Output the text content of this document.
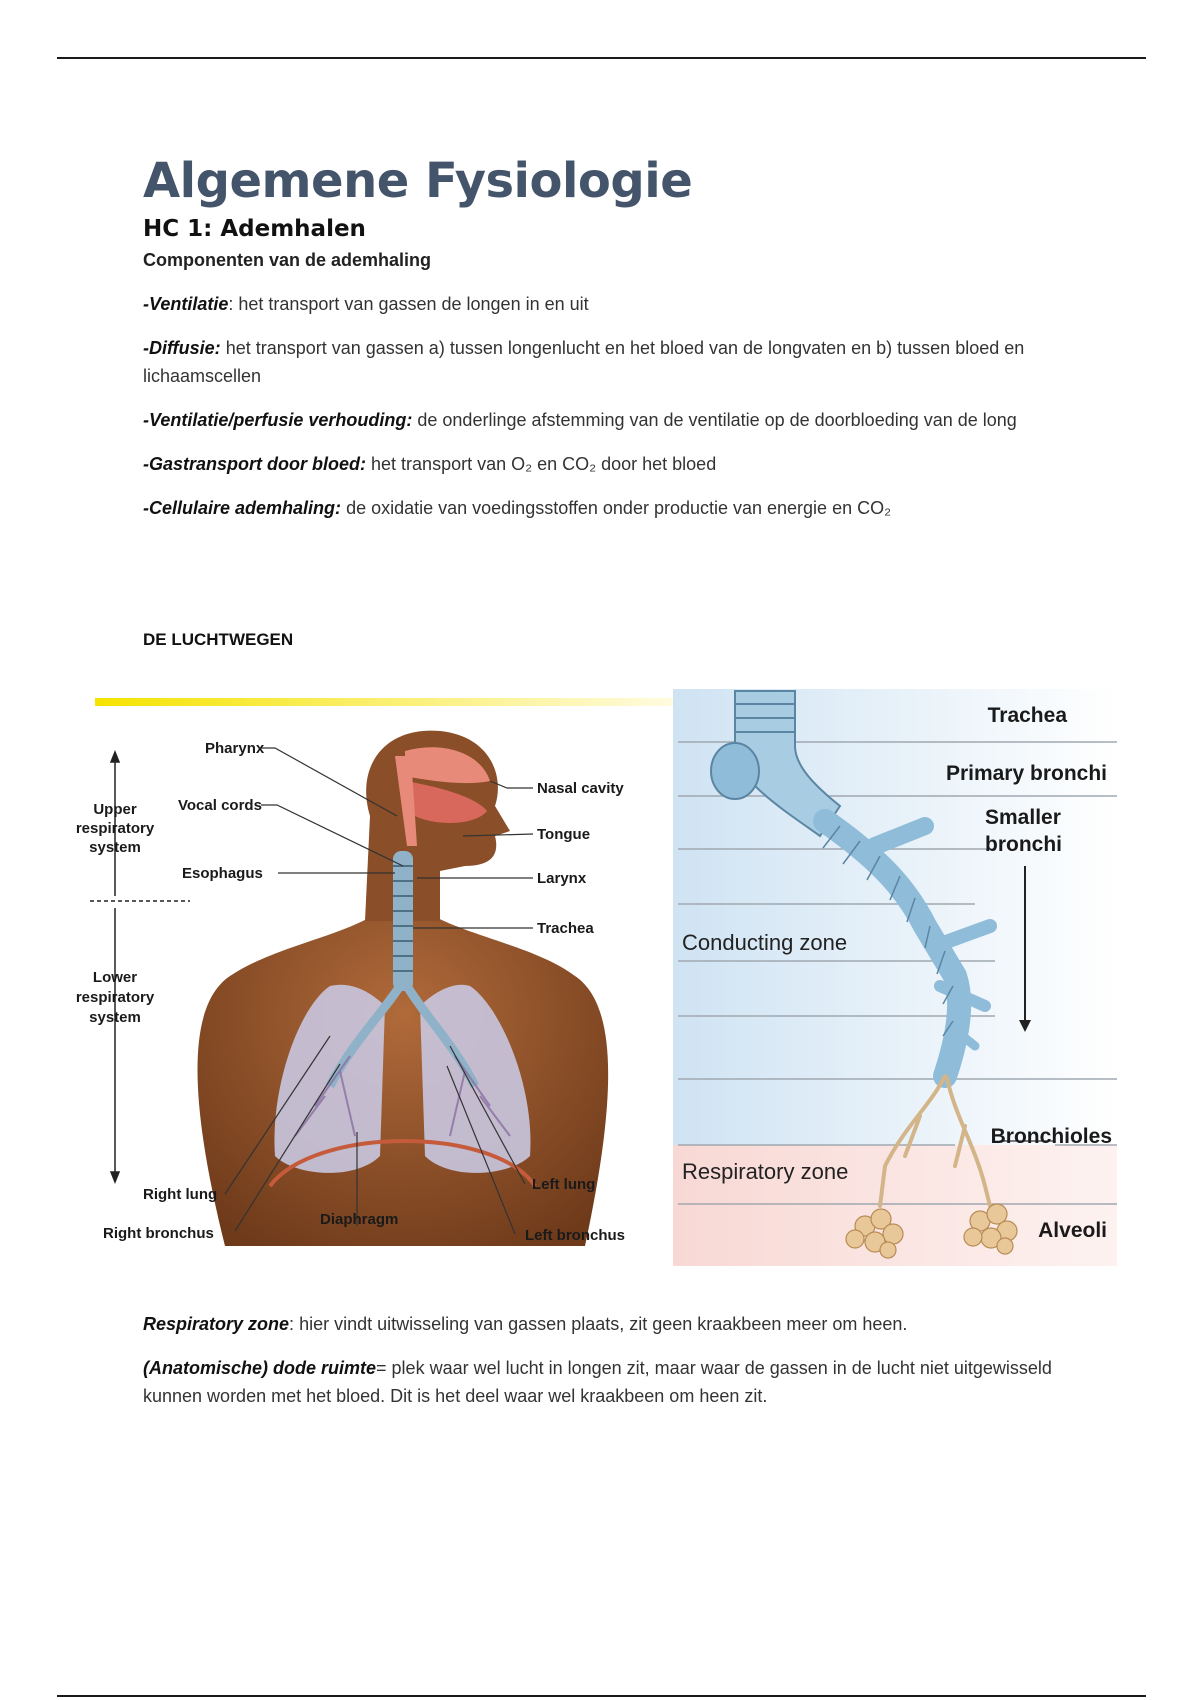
Algemene Fysiologie
HC 1: Ademhalen
Componenten van de ademhaling

-Ventilatie: het transport van gassen de longen in en uit

-Diffusie: het transport van gassen a) tussen longenlucht en het bloed van de longvaten en b) tussen bloed en lichaamscellen

-Ventilatie/perfusie verhouding: de onderlinge afstemming van de ventilatie op de doorbloeding van de long

-Gastransport door bloed: het transport van O₂ en CO₂ door het bloed

-Cellulaire ademhaling: de oxidatie van voedingsstoffen onder productie van energie en CO₂

DE LUCHTWEGEN
Pharynx
Vocal cords
Esophagus
Nasal cavity
Tongue
Larynx
Trachea
Upper
respiratory
system
Lower
respiratory
system
Right lung
Right bronchus
Diaphragm
Left lung
Left bronchus
Trachea
Primary bronchi
Smaller
bronchi
Bronchioles
Alveoli
Conducting zone
Respiratory zone

Respiratory zone: hier vindt uitwisseling van gassen plaats, zit geen kraakbeen meer om heen.

(Anatomische) dode ruimte= plek waar wel lucht in longen zit, maar waar de gassen in de lucht niet uitgewisseld kunnen worden met het bloed. Dit is het deel waar wel kraakbeen om heen zit.
